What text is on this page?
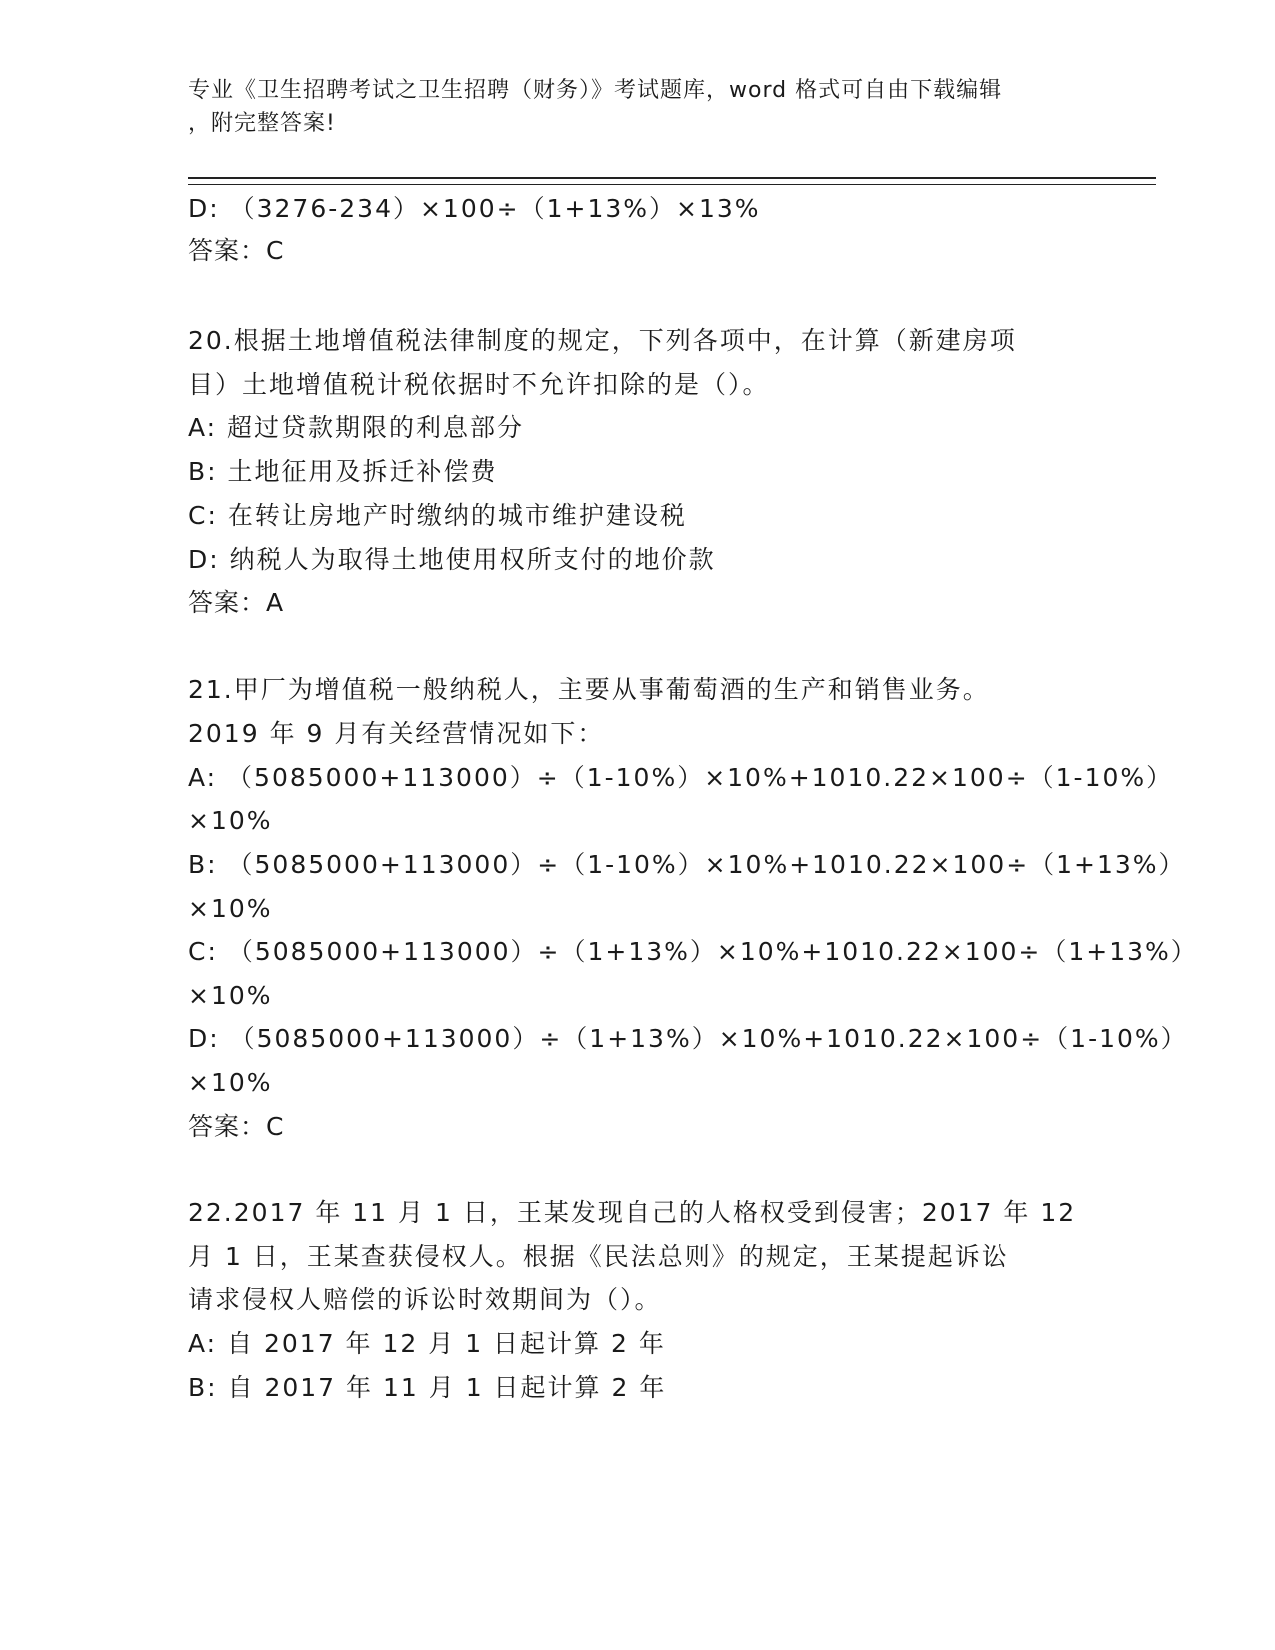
专业《卫生招聘考试之卫生招聘（财务）》考试题库，word 格式可自由下载编辑
，附完整答案!
D: （3276-234）×100÷（1+13%）×13%
答案：C
20.根据土地增值税法律制度的规定，下列各项中，在计算（新建房项
目）土地增值税计税依据时不允许扣除的是（）。
A: 超过贷款期限的利息部分
B: 土地征用及拆迁补偿费
C: 在转让房地产时缴纳的城市维护建设税
D: 纳税人为取得土地使用权所支付的地价款
答案：A
21.甲厂为增值税一般纳税人，主要从事葡萄酒的生产和销售业务。
2019 年 9 月有关经营情况如下：
A: （5085000+113000）÷（1-10%）×10%+1010.22×100÷（1-10%）
×10%
B: （5085000+113000）÷（1-10%）×10%+1010.22×100÷（1+13%）
×10%
C: （5085000+113000）÷（1+13%）×10%+1010.22×100÷（1+13%）
×10%
D: （5085000+113000）÷（1+13%）×10%+1010.22×100÷（1-10%）
×10%
答案：C
22.2017 年 11 月 1 日，王某发现自己的人格权受到侵害；2017 年 12
月 1 日，王某查获侵权人。根据《民法总则》的规定，王某提起诉讼
请求侵权人赔偿的诉讼时效期间为（）。
A: 自 2017 年 12 月 1 日起计算 2 年
B: 自 2017 年 11 月 1 日起计算 2 年
